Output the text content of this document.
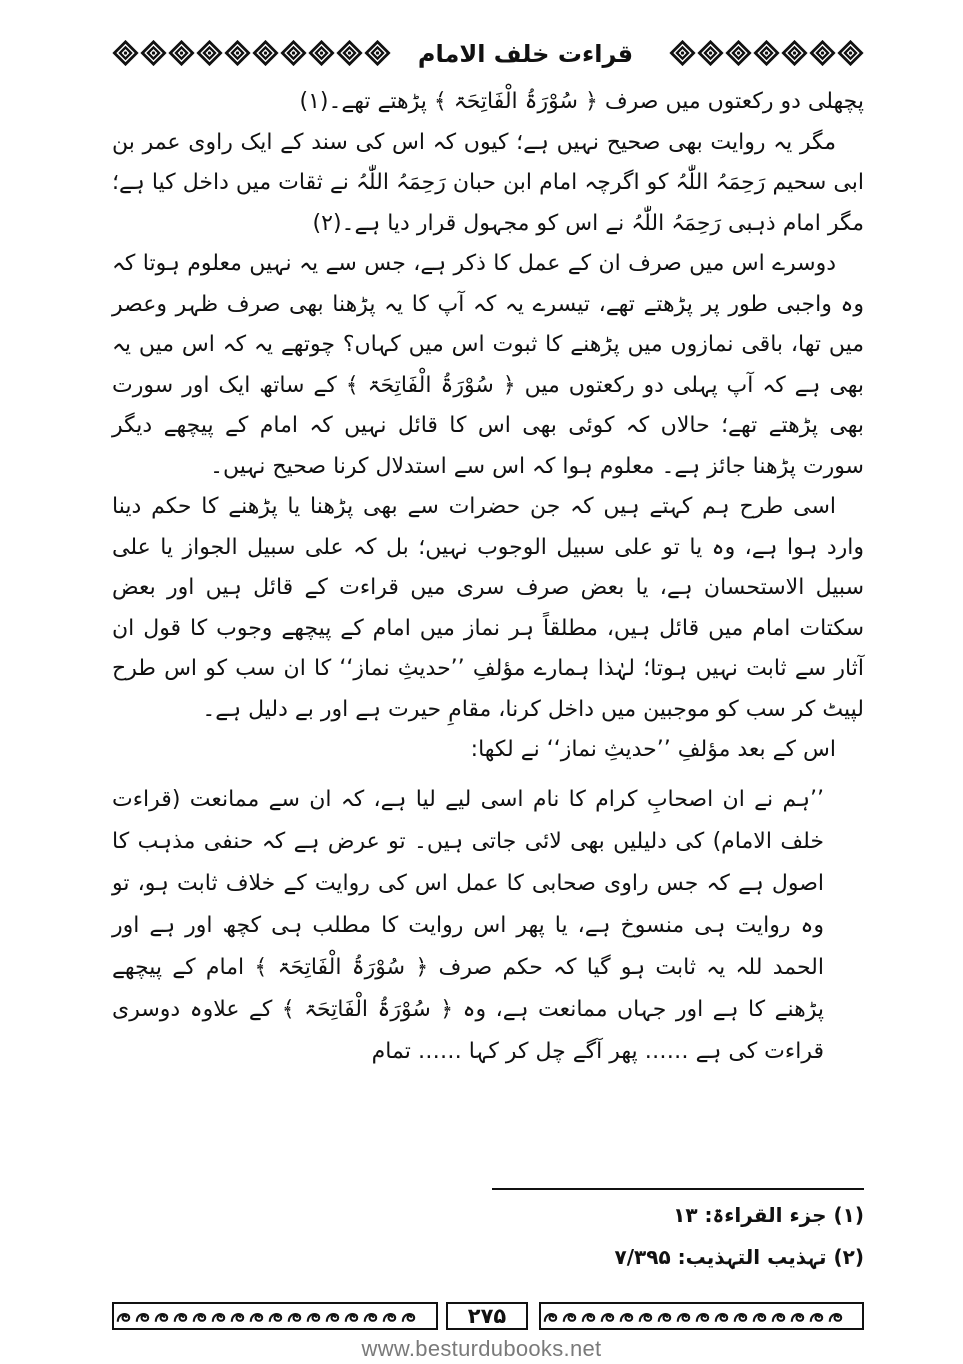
قراءت خلف الامام

پچھلی دو رکعتوں میں صرف ﴿ سُوْرَۃُ الْفَاتِحَۃ ﴾ پڑھتے تھے۔(۱)

مگر یہ روایت بھی صحیح نہیں ہے؛ کیوں کہ اس کی سند کے ایک راوی عمر بن ابی سحیم رَحِمَہُ اللّٰہُ کو اگرچہ امام ابن حبان رَحِمَہُ اللّٰہُ نے ثقات میں داخل کیا ہے؛ مگر امام ذہبی رَحِمَہُ اللّٰہُ نے اس کو مجہول قرار دیا ہے۔(۲)

دوسرے اس میں صرف ان کے عمل کا ذکر ہے، جس سے یہ نہیں معلوم ہوتا کہ وہ واجبی طور پر پڑھتے تھے، تیسرے یہ کہ آپ کا یہ پڑھنا بھی صرف ظہر وعصر میں تھا، باقی نمازوں میں پڑھنے کا ثبوت اس میں کہاں؟ چوتھے یہ کہ اس میں یہ بھی ہے کہ آپ پہلی دو رکعتوں میں ﴿ سُوْرَۃُ الْفَاتِحَۃ ﴾ کے ساتھ ایک اور سورت بھی پڑھتے تھے؛ حالاں کہ کوئی بھی اس کا قائل نہیں کہ امام کے پیچھے دیگر سورت پڑھنا جائز ہے۔ معلوم ہوا کہ اس سے استدلال کرنا صحیح نہیں۔

اسی طرح ہم کہتے ہیں کہ جن حضرات سے بھی پڑھنا یا پڑھنے کا حکم دینا وارد ہوا ہے، وہ یا تو علی سبیل الوجوب نہیں؛ بل کہ علی سبیل الجواز یا علی سبیل الاستحسان ہے، یا بعض صرف سری میں قراءت کے قائل ہیں اور بعض سکتات امام میں قائل ہیں، مطلقاً ہر نماز میں امام کے پیچھے وجوب کا قول ان آثار سے ثابت نہیں ہوتا؛ لہٰذا ہمارے مؤلفِ ’’حدیثِ نماز‘‘ کا ان سب کو اس طرح لپیٹ کر سب کو موجبین میں داخل کرنا، مقامِ حیرت ہے اور بے دلیل ہے۔

اس کے بعد مؤلفِ ’’حدیثِ نماز‘‘ نے لکھا:

’’ہم نے ان اصحابِ کرام کا نام اسی لیے لیا ہے، کہ ان سے ممانعت (قراءت خلف الامام) کی دلیلیں بھی لائی جاتی ہیں۔ تو عرض ہے کہ حنفی مذہب کا اصول ہے کہ جس راوی صحابی کا عمل اس کی روایت کے خلاف ثابت ہو، تو وہ روایت ہی منسوخ ہے، یا پھر اس روایت کا مطلب ہی کچھ اور ہے اور الحمد للہ یہ ثابت ہو گیا کہ حکم صرف ﴿ سُوْرَۃُ الْفَاتِحَۃ ﴾ امام کے پیچھے پڑھنے کا ہے اور جہاں ممانعت ہے، وہ ﴿ سُوْرَۃُ الْفَاتِحَۃ ﴾ کے علاوہ دوسری قراءت کی ہے …… پھر آگے چل کر کہا …… تمام

(۱) جزء القراءۃ: ۱۳

(۲) تہذیب التہذیب: ۷/۳۹۵

۲۷۵
www.besturdubooks.net
